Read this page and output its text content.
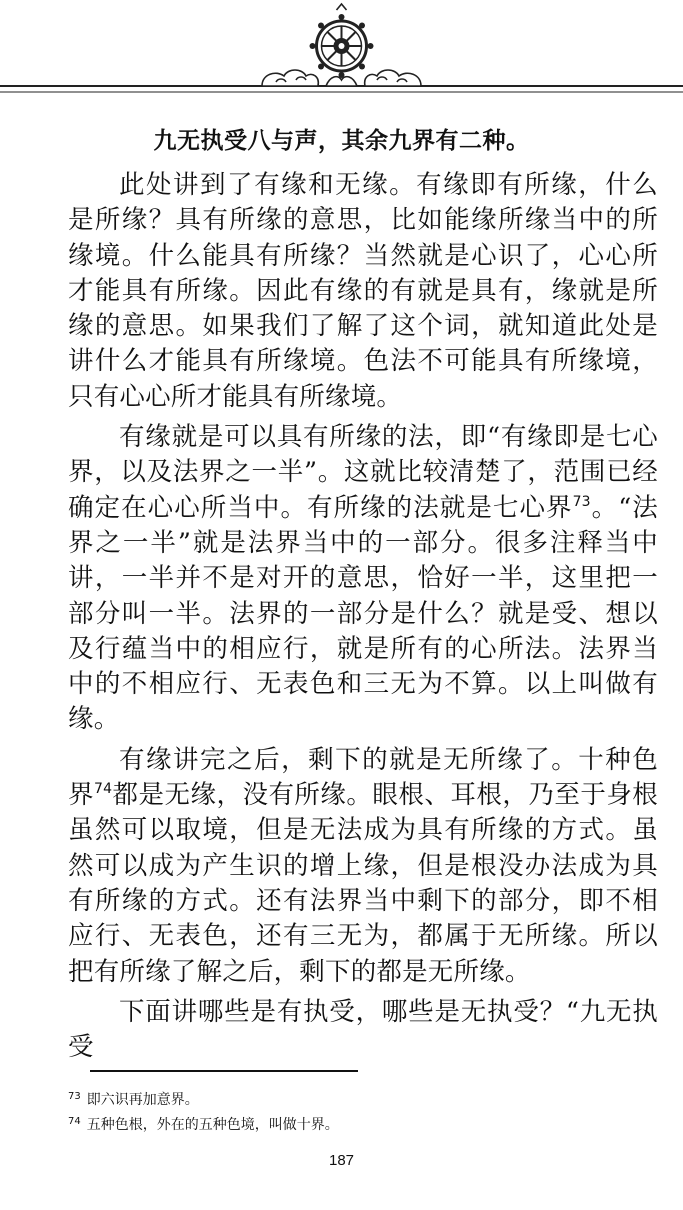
九无执受八与声，其余九界有二种。

此处讲到了有缘和无缘。有缘即有所缘，什么是所缘？具有所缘的意思，比如能缘所缘当中的所缘境。什么能具有所缘？当然就是心识了，心心所才能具有所缘。因此有缘的有就是具有，缘就是所缘的意思。如果我们了解了这个词，就知道此处是讲什么才能具有所缘境。色法不可能具有所缘境，只有心心所才能具有所缘境。

有缘就是可以具有所缘的法，即“有缘即是七心界，以及法界之一半”。这就比较清楚了，范围已经确定在心心所当中。有所缘的法就是七心界$^{73}$。“法界之一半”就是法界当中的一部分。很多注释当中讲，一半并不是对开的意思，恰好一半，这里把一部分叫一半。法界的一部分是什么？就是受、想以及行蕴当中的相应行，就是所有的心所法。法界当中的不相应行、无表色和三无为不算。以上叫做有缘。

有缘讲完之后，剩下的就是无所缘了。十种色界$^{74}$都是无缘，没有所缘。眼根、耳根，乃至于身根虽然可以取境，但是无法成为具有所缘的方式。虽然可以成为产生识的增上缘，但是根没办法成为具有所缘的方式。还有法界当中剩下的部分，即不相应行、无表色，还有三无为，都属于无所缘。所以把有所缘了解之后，剩下的都是无所缘。

下面讲哪些是有执受，哪些是无执受？“九无执受

$^{73}$ 即六识再加意界。

$^{74}$ 五种色根，外在的五种色境，叫做十界。

187
